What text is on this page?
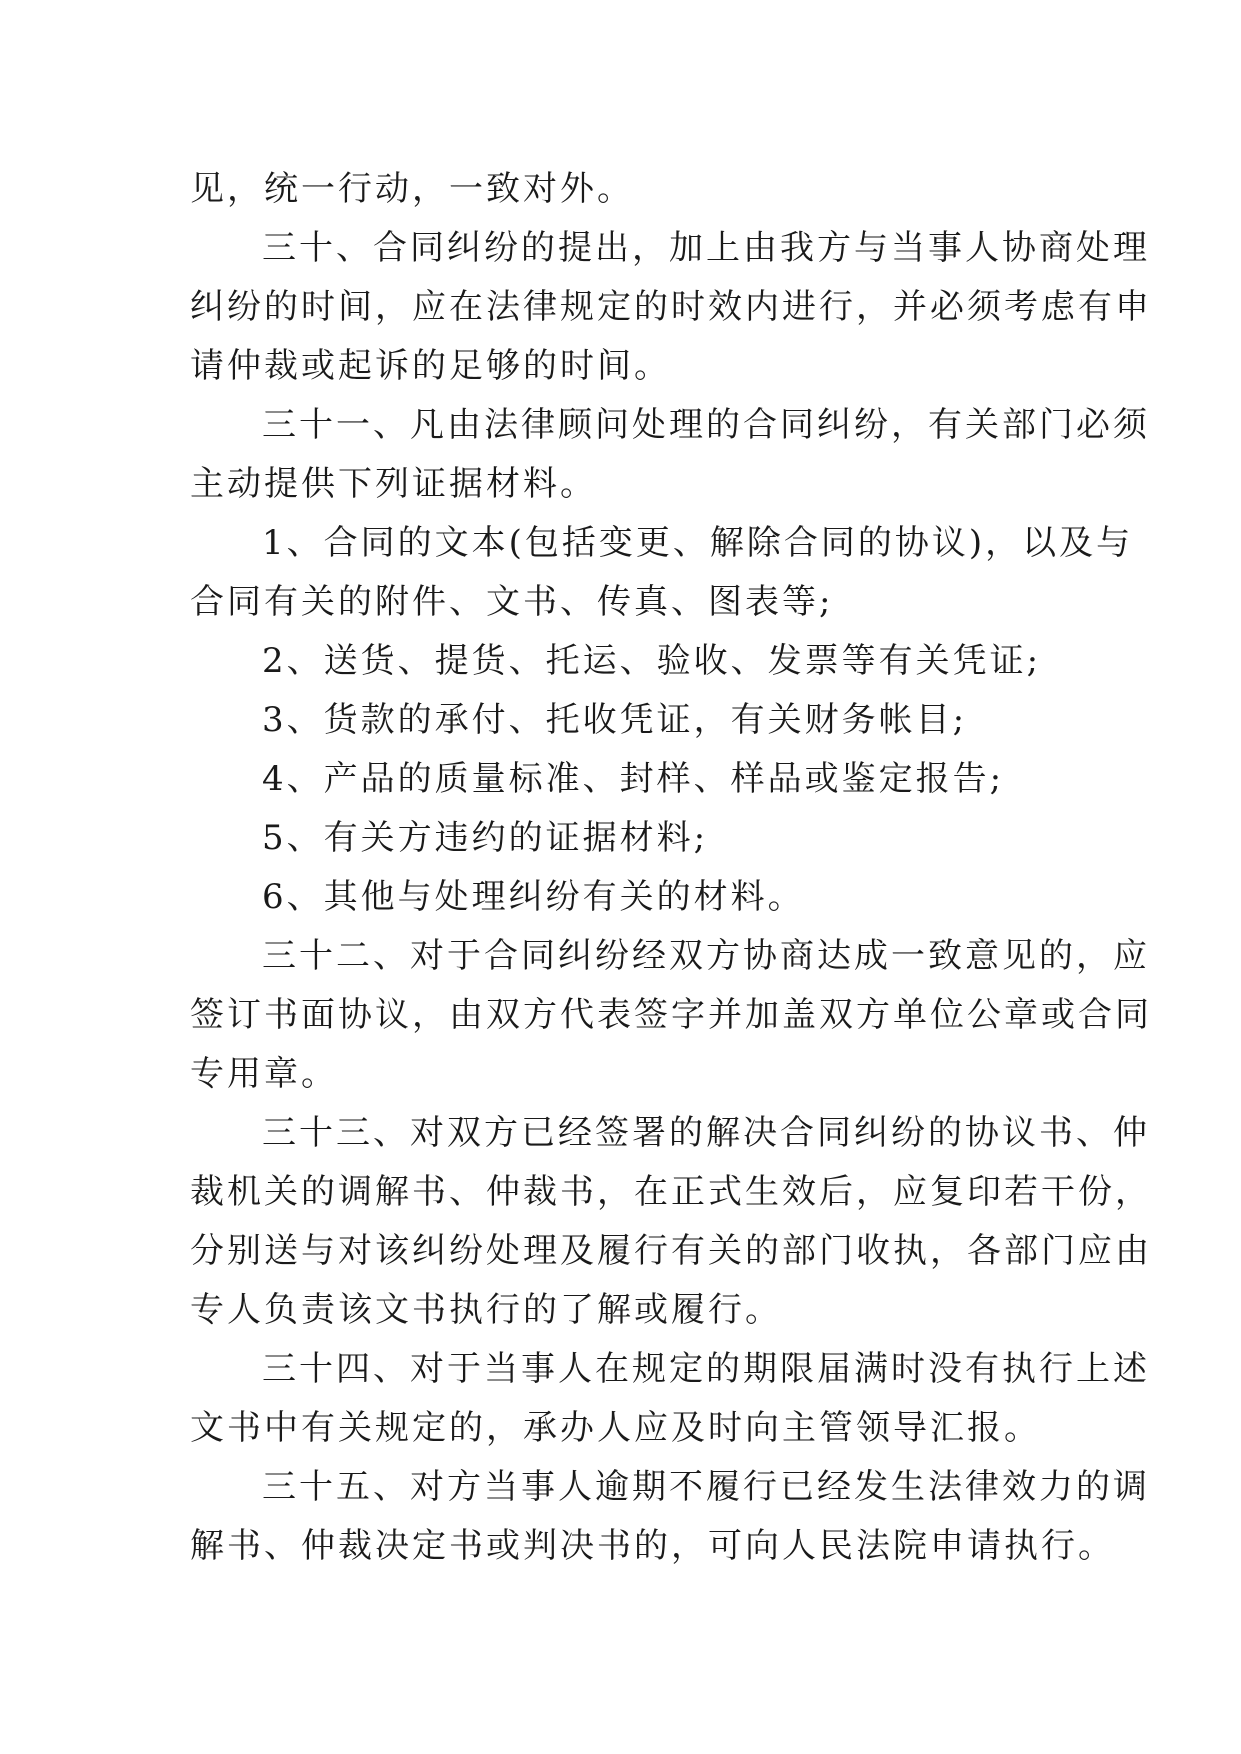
见，统一行动，一致对外。
三十、合同纠纷的提出，加上由我方与当事人协商处理
纠纷的时间，应在法律规定的时效内进行，并必须考虑有申
请仲裁或起诉的足够的时间。
三十一、凡由法律顾问处理的合同纠纷，有关部门必须
主动提供下列证据材料。
1、合同的文本(包括变更、解除合同的协议)，以及与
合同有关的附件、文书、传真、图表等;
2、送货、提货、托运、验收、发票等有关凭证;
3、货款的承付、托收凭证，有关财务帐目;
4、产品的质量标准、封样、样品或鉴定报告;
5、有关方违约的证据材料;
6、其他与处理纠纷有关的材料。
三十二、对于合同纠纷经双方协商达成一致意见的，应
签订书面协议，由双方代表签字并加盖双方单位公章或合同
专用章。
三十三、对双方已经签署的解决合同纠纷的协议书、仲
裁机关的调解书、仲裁书，在正式生效后，应复印若干份，
分别送与对该纠纷处理及履行有关的部门收执，各部门应由
专人负责该文书执行的了解或履行。
三十四、对于当事人在规定的期限届满时没有执行上述
文书中有关规定的，承办人应及时向主管领导汇报。
三十五、对方当事人逾期不履行已经发生法律效力的调
解书、仲裁决定书或判决书的，可向人民法院申请执行。
